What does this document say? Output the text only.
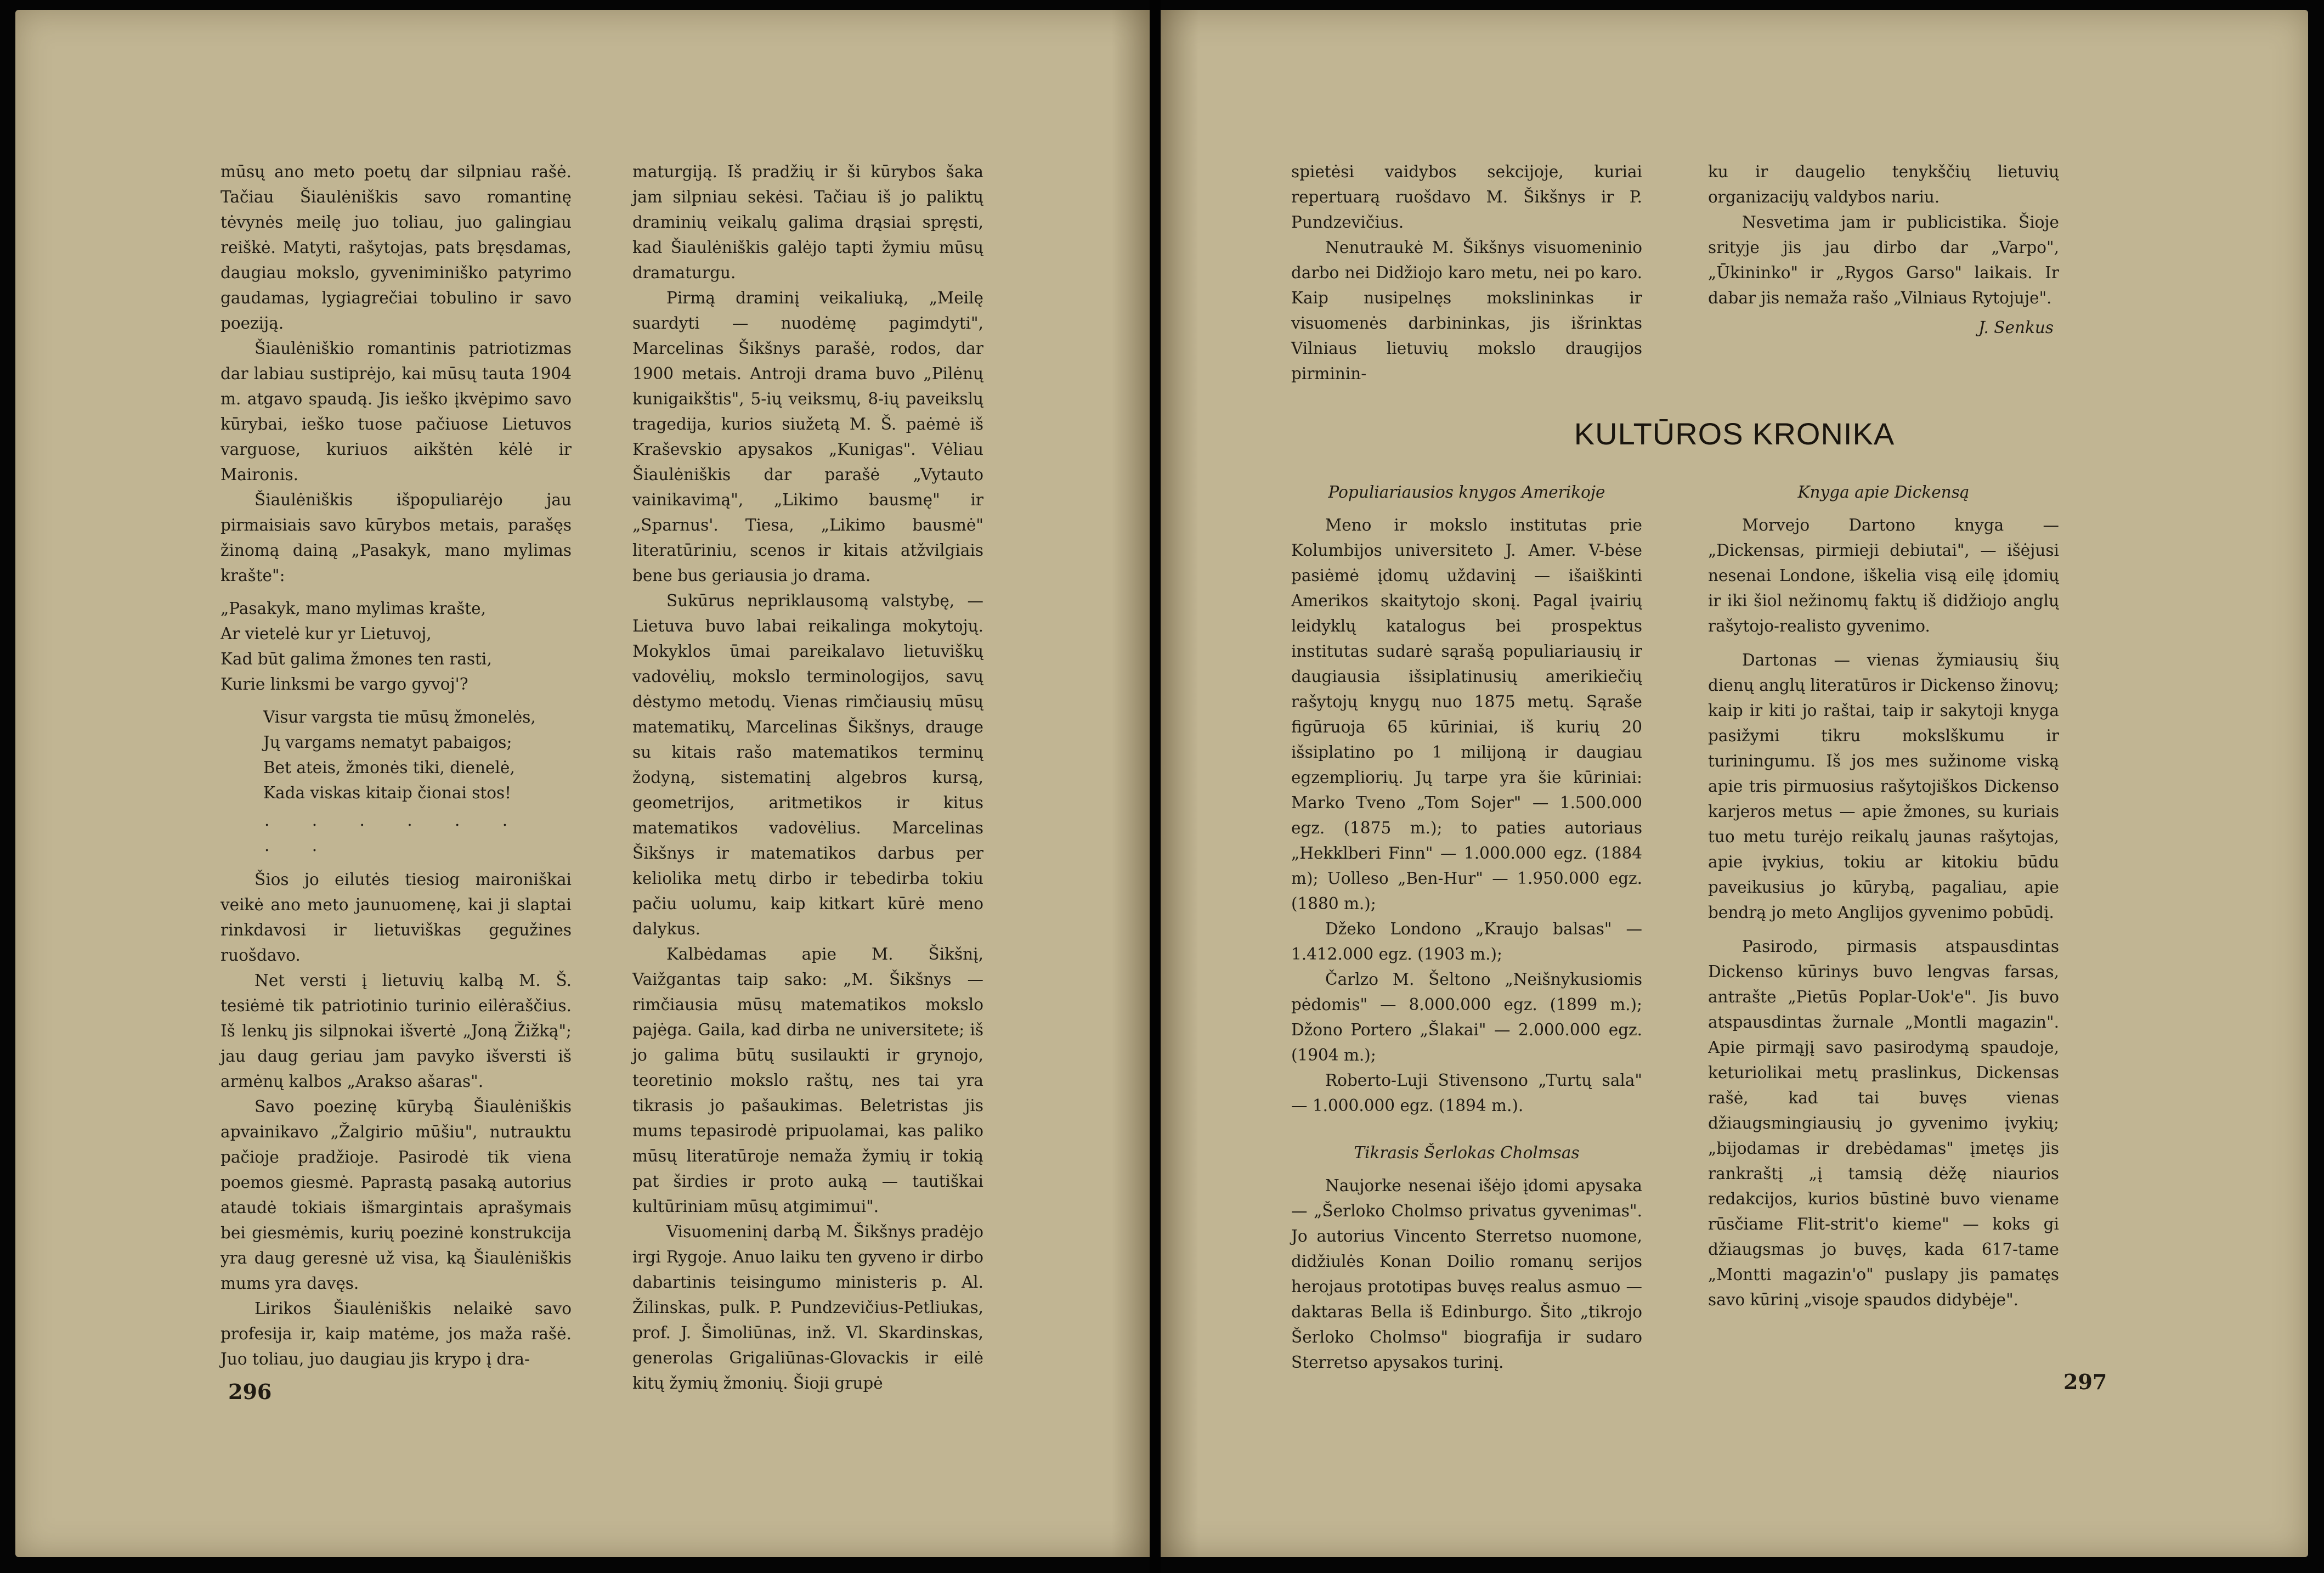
mūsų ano meto poetų dar silpniau rašė. Tačiau Šiaulėniškis savo romantinę tėvynės meilę juo toliau, juo galingiau reiškė. Matyti, rašytojas, pats bręsdamas, daugiau mokslo, gyveniminiško patyrimo gaudamas, lygiagrečiai tobulino ir savo poeziją.

Šiaulėniškio romantinis patriotizmas dar labiau sustiprėjo, kai mūsų tauta 1904 m. atgavo spaudą. Jis ieško įkvėpimo savo kūrybai, ieško tuose pačiuose Lietuvos varguose, kuriuos aikštėn kėlė ir Maironis.

Šiaulėniškis išpopuliarėjo jau pirmaisiais savo kūrybos metais, parašęs žinomą dainą „Pasakyk, mano mylimas krašte":

„Pasakyk, mano mylimas krašte,
Ar vietelė kur yr Lietuvoj,
Kad būt galima žmones ten rasti,
Kurie linksmi be vargo gyvoj'?
Visur vargsta tie mūsų žmonelės,
Jų vargams nematyt pabaigos;
Bet ateis, žmonės tiki, dienelė,
Kada viskas kitaip čionai stos!
. . . . . . . .

Šios jo eilutės tiesiog maironiškai veikė ano meto jaunuomenę, kai ji slaptai rinkdavosi ir lietuviškas gegužines ruošdavo.

Net versti į lietuvių kalbą M. Š. tesiėmė tik patriotinio turinio eilėraščius. Iš lenkų jis silpnokai išvertė „Joną Žižką"; jau daug geriau jam pavyko išversti iš armėnų kalbos „Arakso ašaras".

Savo poezinę kūrybą Šiaulėniškis apvainikavo „Žalgirio mūšiu", nutrauktu pačioje pradžioje. Pasirodė tik viena poemos giesmė. Paprastą pasaką autorius ataudė tokiais išmargintais aprašymais bei giesmėmis, kurių poezinė konstrukcija yra daug geresnė už visa, ką Šiaulėniškis mums yra davęs.

Lirikos Šiaulėniškis nelaikė savo profesija ir, kaip matėme, jos maža rašė. Juo toliau, juo daugiau jis krypo į dra-

maturgiją. Iš pradžių ir ši kūrybos šaka jam silpniau sekėsi. Tačiau iš jo paliktų draminių veikalų galima drąsiai spręsti, kad Šiaulėniškis galėjo tapti žymiu mūsų dramaturgu.

Pirmą draminį veikaliuką, „Meilę suardyti — nuodėmę pagimdyti", Marcelinas Šikšnys parašė, rodos, dar 1900 metais. Antroji drama buvo „Pilėnų kunigaikštis", 5-ių veiksmų, 8-ių paveikslų tragedija, kurios siužetą M. Š. paėmė iš Kraševskio apysakos „Kunigas". Vėliau Šiaulėniškis dar parašė „Vytauto vainikavimą", „Likimo bausmę" ir „Sparnus'. Tiesa, „Likimo bausmė" literatūriniu, scenos ir kitais atžvilgiais bene bus geriausia jo drama.

Sukūrus nepriklausomą valstybę, — Lietuva buvo labai reikalinga mokytojų. Mokyklos ūmai pareikalavo lietuviškų vadovėlių, mokslo terminologijos, savų dėstymo metodų. Vienas rimčiausių mūsų matematikų, Marcelinas Šikšnys, drauge su kitais rašo matematikos terminų žodyną, sistematinį algebros kursą, geometrijos, aritmetikos ir kitus matematikos vadovėlius. Marcelinas Šikšnys ir matematikos darbus per keliolika metų dirbo ir tebedirba tokiu pačiu uolumu, kaip kitkart kūrė meno dalykus.

Kalbėdamas apie M. Šikšnį, Vaižgantas taip sako: „M. Šikšnys — rimčiausia mūsų matematikos mokslo pajėga. Gaila, kad dirba ne universitete; iš jo galima būtų susilaukti ir grynojo, teoretinio mokslo raštų, nes tai yra tikrasis jo pašaukimas. Beletristas jis mums tepasirodė pripuolamai, kas paliko mūsų literatūroje nemaža žymių ir tokią pat širdies ir proto auką — tautiškai kultūriniam mūsų atgimimui".

Visuomeninį darbą M. Šikšnys pradėjo irgi Rygoje. Anuo laiku ten gyveno ir dirbo dabartinis teisingumo ministeris p. Al. Žilinskas, pulk. P. Pundzevičius-Petliukas, prof. J. Šimoliūnas, inž. Vl. Skardinskas, generolas Grigaliūnas-Glovackis ir eilė kitų žymių žmonių. Šioji grupė

296

spietėsi vaidybos sekcijoje, kuriai repertuarą ruošdavo M. Šikšnys ir P. Pundzevičius.

Nenutraukė M. Šikšnys visuomeninio darbo nei Didžiojo karo metu, nei po karo. Kaip nusipelnęs mokslininkas ir visuomenės darbininkas, jis išrinktas Vilniaus lietuvių mokslo draugijos pirminin-

ku ir daugelio tenykščių lietuvių organizacijų valdybos nariu.

Nesvetima jam ir publicistika. Šioje srityje jis jau dirbo dar „Varpo", „Ūkininko" ir „Rygos Garso" laikais. Ir dabar jis nemaža rašo „Vilniaus Rytojuje".

J. Senkus

KULTŪROS KRONIKA

Populiariausios knygos Amerikoje

Meno ir mokslo institutas prie Kolumbijos universiteto J. Amer. V-bėse pasiėmė įdomų uždavinį — išaiškinti Amerikos skaitytojo skonį. Pagal įvairių leidyklų katalogus bei prospektus institutas sudarė sąrašą populiariausių ir daugiausia išsiplatinusių amerikiečių rašytojų knygų nuo 1875 metų. Sąraše figūruoja 65 kūriniai, iš kurių 20 išsiplatino po 1 milijoną ir daugiau egzempliorių. Jų tarpe yra šie kūriniai: Marko Tveno „Tom Sojer" — 1.500.000 egz. (1875 m.); to paties autoriaus „Hekklberi Finn" — 1.000.000 egz. (1884 m); Uolleso „Ben-Hur" — 1.950.000 egz. (1880 m.);

Džeko Londono „Kraujo balsas" — 1.412.000 egz. (1903 m.);

Čarlzo M. Šeltono „Neišnykusiomis pėdomis" — 8.000.000 egz. (1899 m.); Džono Portero „Šlakai" — 2.000.000 egz. (1904 m.);

Roberto-Luji Stivensono „Turtų sala" — 1.000.000 egz. (1894 m.).

Tikrasis Šerlokas Cholmsas

Naujorke nesenai išėjo įdomi apysaka — „Šerloko Cholmso privatus gyvenimas". Jo autorius Vincento Sterretso nuomone, didžiulės Konan Doilio romanų serijos herojaus prototipas buvęs realus asmuo — daktaras Bella iš Edinburgo. Šito „tikrojo Šerloko Cholmso" biografija ir sudaro Sterretso apysakos turinį.

Knyga apie Dickensą

Morvejo Dartono knyga — „Dickensas, pirmieji debiutai", — išėjusi nesenai Londone, iškelia visą eilę įdomių ir iki šiol nežinomų faktų iš didžiojo anglų rašytojo-realisto gyvenimo.

Dartonas — vienas žymiausių šių dienų anglų literatūros ir Dickenso žinovų; kaip ir kiti jo raštai, taip ir sakytoji knyga pasižymi tikru mokslškumu ir turiningumu. Iš jos mes sužinome viską apie tris pirmuosius rašytojiškos Dickenso karjeros metus — apie žmones, su kuriais tuo metu turėjo reikalų jaunas rašytojas, apie įvykius, tokiu ar kitokiu būdu paveikusius jo kūrybą, pagaliau, apie bendrą jo meto Anglijos gyvenimo pobūdį.

Pasirodo, pirmasis atspausdintas Dickenso kūrinys buvo lengvas farsas, antrašte „Pietūs Poplar-Uok'e". Jis buvo atspausdintas žurnale „Montli magazin". Apie pirmąjį savo pasirodymą spaudoje, keturiolikai metų praslinkus, Dickensas rašė, kad tai buvęs vienas džiaugsmingiausių jo gyvenimo įvykių; „bijodamas ir drebėdamas" įmetęs jis rankraštį „į tamsią dėžę niaurios redakcijos, kurios būstinė buvo viename rūsčiame Flit-strit'o kieme" — koks gi džiaugsmas jo buvęs, kada 617-tame „Montti magazin'o" puslapy jis pamatęs savo kūrinį „visoje spaudos didybėje".

297
